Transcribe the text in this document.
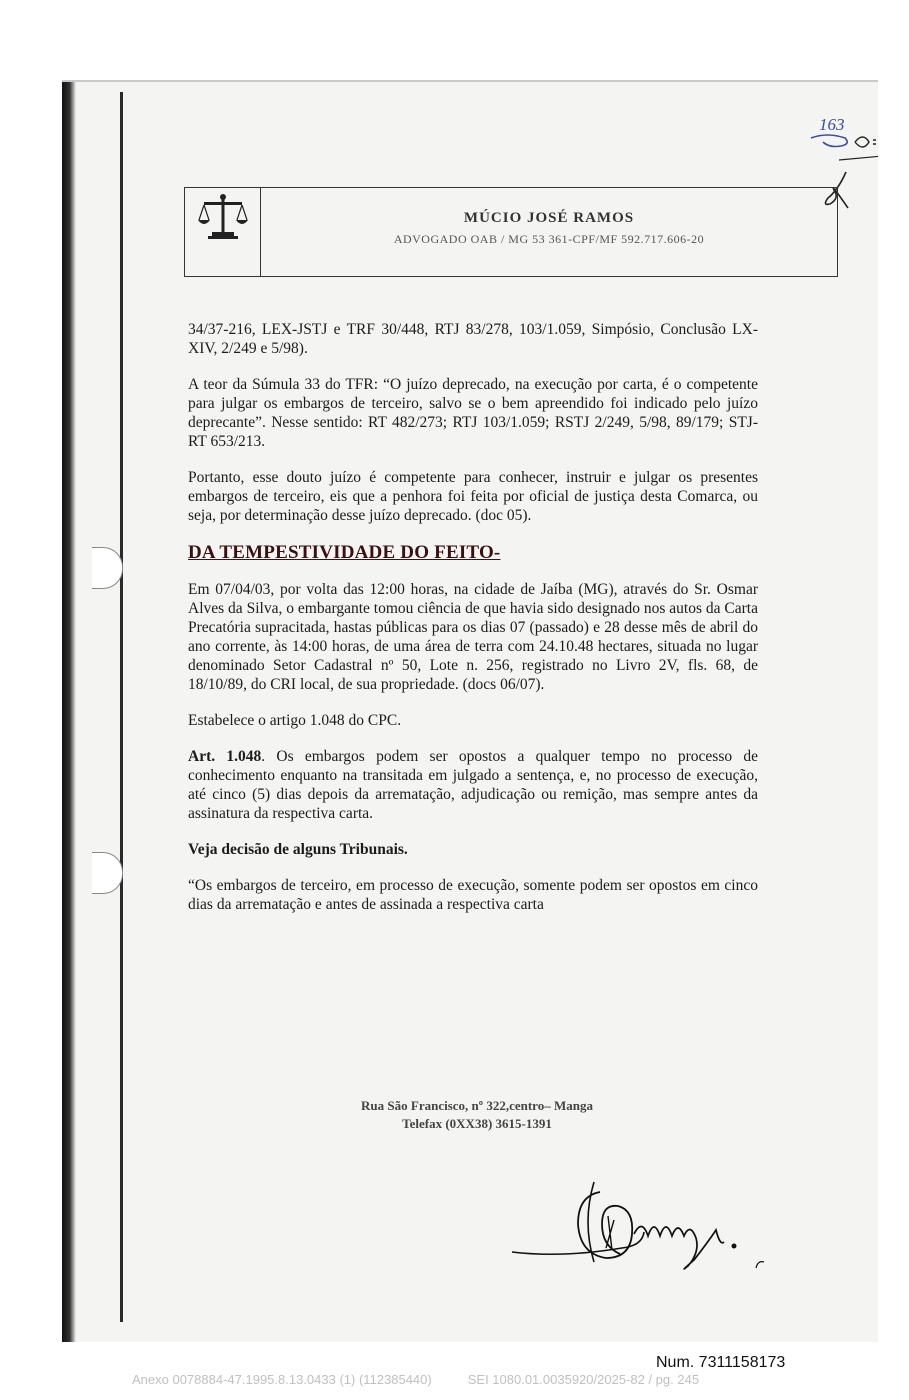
163
MÚCIO JOSÉ RAMOS
ADVOGADO OAB / MG 53 361-CPF/MF 592.717.606-20

34/37-216, LEX-JSTJ e TRF 30/448, RTJ 83/278, 103/1.059, Simpósio, Conclusão LX-XIV, 2/249 e 5/98).

A teor da Súmula 33 do TFR: “O juízo deprecado, na execução por carta, é o competente para julgar os embargos de terceiro, salvo se o bem apreendido foi indicado pelo juízo deprecante”. Nesse sentido: RT 482/273; RTJ 103/1.059; RSTJ 2/249, 5/98, 89/179; STJ-RT 653/213.

Portanto, esse douto juízo é competente para conhecer, instruir e julgar os presentes embargos de terceiro, eis que a penhora foi feita por oficial de justiça desta Comarca, ou seja, por determinação desse juízo deprecado. (doc 05).

DA TEMPESTIVIDADE DO FEITO-

Em 07/04/03, por volta das 12:00 horas, na cidade de Jaíba (MG), através do Sr. Osmar Alves da Silva, o embargante tomou ciência de que havia sido designado nos autos da Carta Precatória supracitada, hastas públicas para os dias 07 (passado) e 28 desse mês de abril do ano corrente, às 14:00 horas, de uma área de terra com 24.10.48 hectares, situada no lugar denominado Setor Cadastral nº 50, Lote n. 256, registrado no Livro 2V, fls. 68, de 18/10/89, do CRI local, de sua propriedade. (docs 06/07).

Estabelece o artigo 1.048 do CPC.

Art. 1.048. Os embargos podem ser opostos a qualquer tempo no processo de conhecimento enquanto na transitada em julgado a sentença, e, no processo de execução, até cinco (5) dias depois da arrematação, adjudicação ou remição, mas sempre antes da assinatura da respectiva carta.

Veja decisão de alguns Tribunais.

“Os embargos de terceiro, em processo de execução, somente podem ser opostos em cinco dias da arrematação e antes de assinada a respectiva carta

Rua São Francisco, nº 322,centro– Manga
Telefax (0XX38) 3615-1391
Num. 7311158173
Anexo 0078884-47.1995.8.13.0433 (1) (112385440)	SEI 1080.01.0035920/2025-82 / pg. 245
